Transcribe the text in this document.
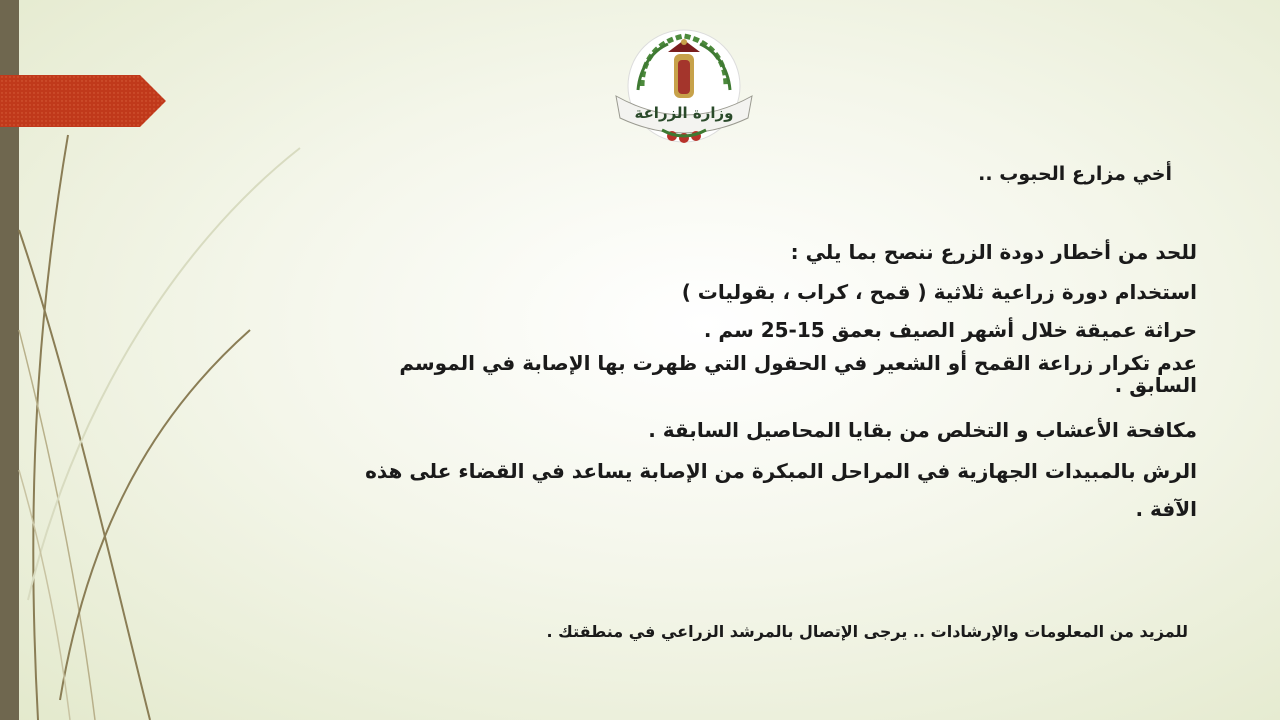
وزارة الزراعة

أخي مزارع الحبوب ..

للحد من أخطار دودة الزرع ننصح بما يلي :

استخدام دورة زراعية ثلاثية ( قمح ، كراب ، بقوليات )

حراثة عميقة خلال أشهر الصيف بعمق 15-25 سم .

عدم تكرار زراعة القمح أو الشعير في الحقول التي ظهرت بها الإصابة في الموسم السابق .

مكافحة الأعشاب و التخلص من بقايا المحاصيل السابقة .

الرش بالمبيدات الجهازية في المراحل المبكرة من الإصابة يساعد في القضاء على هذه الآفة .

للمزيد من المعلومات والإرشادات .. يرجى الإتصال بالمرشد الزراعي في منطقتك .
